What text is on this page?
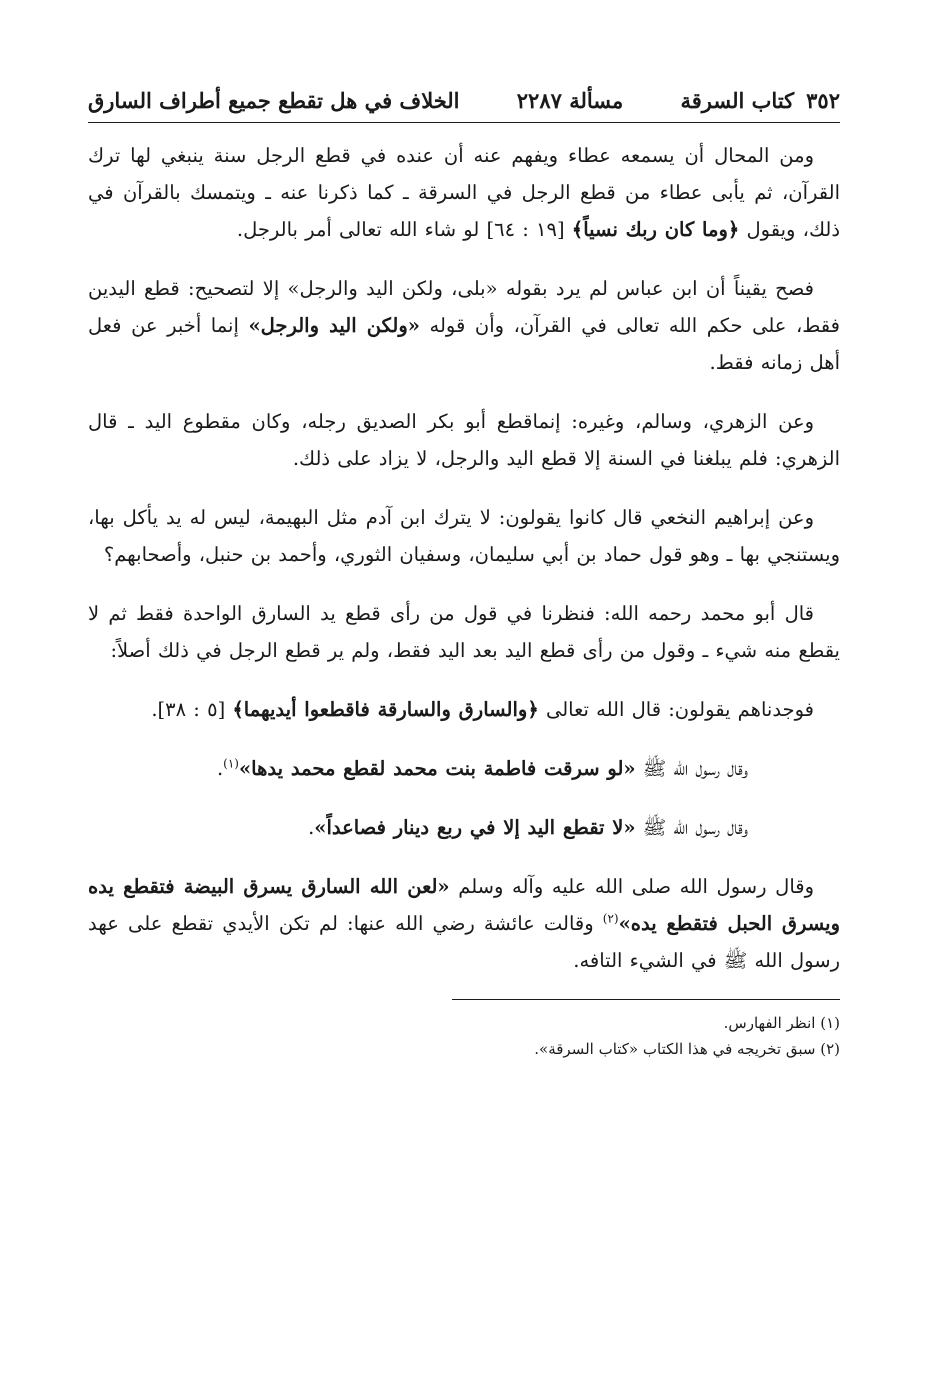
٣٥٢
كتاب السرقة
مسألة ٢٢٨٧
الخلاف في هل تقطع جميع أطراف السارق

ومن المحال أن يسمعه عطاء ويفهم عنه أن عنده في قطع الرجل سنة ينبغي لها ترك القرآن، ثم يأبى عطاء من قطع الرجل في السرقة ـ كما ذكرنا عنه ـ ويتمسك بالقرآن في ذلك، ويقول ﴿وما كان ربك نسياً﴾ [١٩ : ٦٤] لو شاء الله تعالى أمر بالرجل.

فصح يقيناً أن ابن عباس لم يرد بقوله «بلى، ولكن اليد والرجل» إلا لتصحيح: قطع اليدين فقط، على حكم الله تعالى في القرآن، وأن قوله «ولكن اليد والرجل» إنما أخبر عن فعل أهل زمانه فقط.

وعن الزهري، وسالم، وغيره: إنماقطع أبو بكر الصديق رجله، وكان مقطوع اليد ـ قال الزهري: فلم يبلغنا في السنة إلا قطع اليد والرجل، لا يزاد على ذلك.

وعن إبراهيم النخعي قال كانوا يقولون: لا يترك ابن آدم مثل البهيمة، ليس له يد يأكل بها، ويستنجي بها ـ وهو قول حماد بن أبي سليمان، وسفيان الثوري، وأحمد بن حنبل، وأصحابهم؟

قال أبو محمد رحمه الله: فنظرنا في قول من رأى قطع يد السارق الواحدة فقط ثم لا يقطع منه شيء ـ وقول من رأى قطع اليد بعد اليد فقط، ولم ير قطع الرجل في ذلك أصلاً:

فوجدناهم يقولون: قال الله تعالى ﴿والسارق والسارقة فاقطعوا أيديهما﴾ [٥ : ٣٨].

وقال رسول الله ﷺ «لو سرقت فاطمة بنت محمد لقطع محمد يدها»$^{(١)}$.

وقال رسول الله ﷺ «لا تقطع اليد إلا في ربع دينار فصاعداً».

وقال رسول الله صلى الله عليه وآله وسلم «لعن الله السارق يسرق البيضة فتقطع يده ويسرق الحبل فتقطع يده»$^{(٢)}$ وقالت عائشة رضي الله عنها: لم تكن الأيدي تقطع على عهد رسول الله ﷺ في الشيء التافه.

(١) انظر الفهارس.

(٢) سبق تخريجه في هذا الكتاب «كتاب السرقة».
